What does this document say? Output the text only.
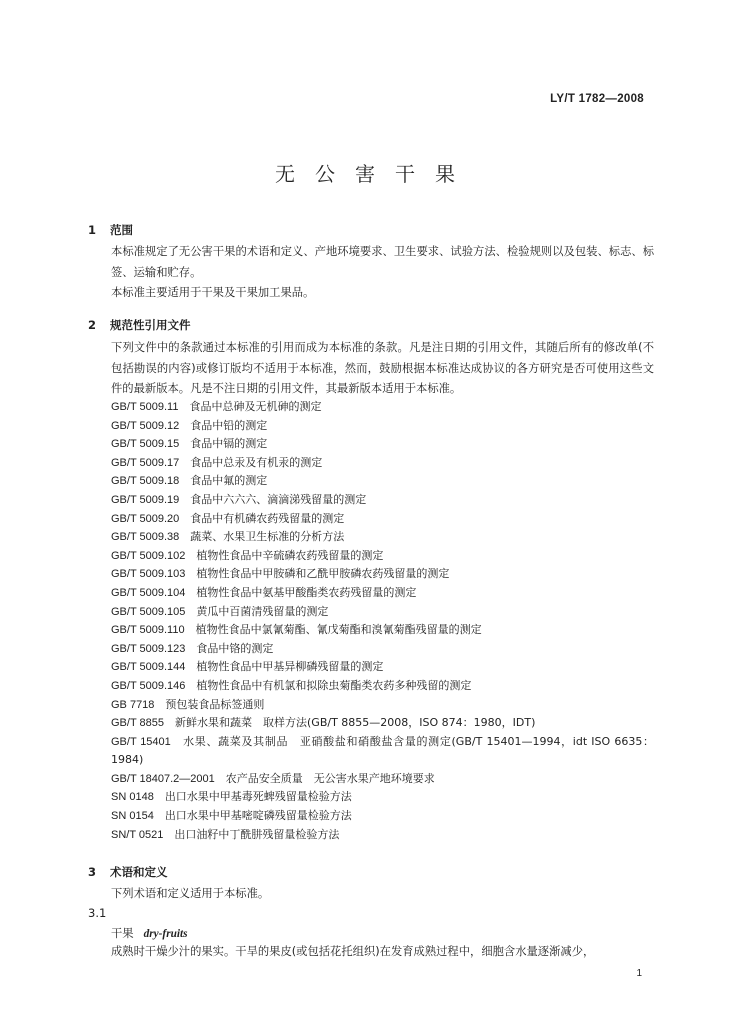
LY/T 1782—2008
无公害干果
1 范围
本标准规定了无公害干果的术语和定义、产地环境要求、卫生要求、试验方法、检验规则以及包装、标志、标签、运输和贮存。
本标准主要适用于干果及干果加工果品。
2 规范性引用文件
下列文件中的条款通过本标准的引用而成为本标准的条款。凡是注日期的引用文件，其随后所有的修改单(不包括勘误的内容)或修订版均不适用于本标准，然而，鼓励根据本标准达成协议的各方研究是否可使用这些文件的最新版本。凡是不注日期的引用文件，其最新版本适用于本标准。
GB/T 5009.11　 食品中总砷及无机砷的测定
GB/T 5009.12　 食品中铅的测定
GB/T 5009.15　 食品中镉的测定
GB/T 5009.17　 食品中总汞及有机汞的测定
GB/T 5009.18　 食品中氟的测定
GB/T 5009.19　 食品中六六六、滴滴涕残留量的测定
GB/T 5009.20　 食品中有机磷农药残留量的测定
GB/T 5009.38　 蔬菜、水果卫生标准的分析方法
GB/T 5009.102　 植物性食品中辛硫磷农药残留量的测定
GB/T 5009.103　 植物性食品中甲胺磷和乙酰甲胺磷农药残留量的测定
GB/T 5009.104　 植物性食品中氨基甲酸酯类农药残留量的测定
GB/T 5009.105　 黄瓜中百菌清残留量的测定
GB/T 5009.110　 植物性食品中氯氰菊酯、氰戊菊酯和溴氰菊酯残留量的测定
GB/T 5009.123　 食品中铬的测定
GB/T 5009.144　 植物性食品中甲基异柳磷残留量的测定
GB/T 5009.146　 植物性食品中有机氯和拟除虫菊酯类农药多种残留的测定
GB 7718　 预包装食品标签通则
GB/T 8855　 新鲜水果和蔬菜　取样方法(GB/T 8855—2008，ISO 874：1980，IDT)
GB/T 15401　 水果、蔬菜及其制品　亚硝酸盐和硝酸盐含量的测定(GB/T 15401—1994，idt ISO 6635：1984)
GB/T 18407.2—2001　 农产品安全质量　无公害水果产地环境要求
SN 0148　 出口水果中甲基毒死蜱残留量检验方法
SN 0154　 出口水果中甲基嘧啶磷残留量检验方法
SN/T 0521　 出口油籽中丁酰肼残留量检验方法
3 术语和定义
下列术语和定义适用于本标准。
3.1
干果 dry-fruits
成熟时干燥少汁的果实。干旱的果皮(或包括花托组织)在发育成熟过程中，细胞含水量逐渐减少，
1
